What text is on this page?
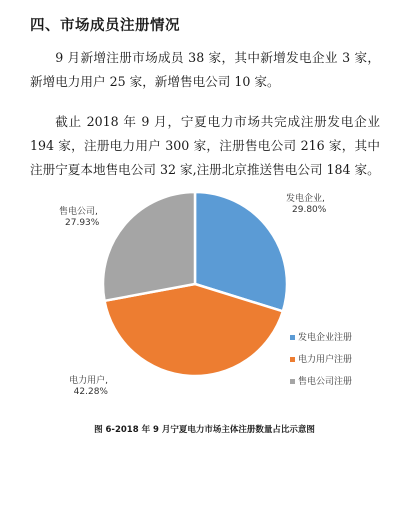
四、市场成员注册情况

9 月新增注册市场成员 38 家，其中新增发电企业 3 家，新增电力用户 25 家，新增售电公司 10 家。

截止 2018 年 9 月，宁夏电力市场共完成注册发电企业 194 家，注册电力用户 300 家，注册售电公司 216 家，其中注册宁夏本地售电公司 32 家,注册北京推送售电公司 184 家。

发电企业, 29.80%
电力用户, 42.28%
售电公司, 27.93%
发电企业注册
电力用户注册
售电公司注册
图 6-2018 年 9 月宁夏电力市场主体注册数量占比示意图
